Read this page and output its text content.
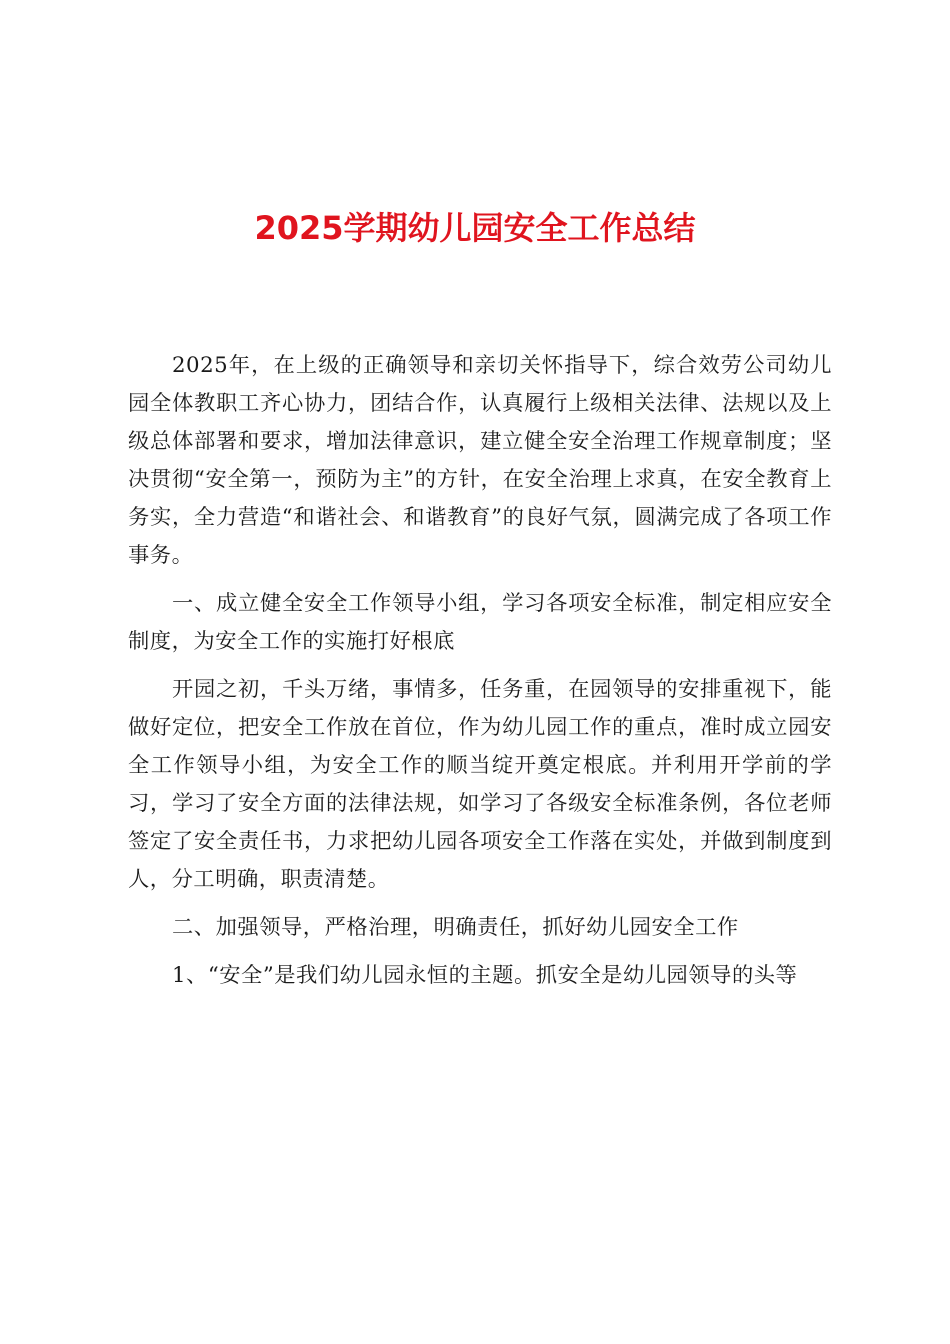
2025学期幼儿园安全工作总结

2025年，在上级的正确领导和亲切关怀指导下，综合效劳公司幼儿园全体教职工齐心协力，团结合作，认真履行上级相关法律、法规以及上级总体部署和要求，增加法律意识，建立健全安全治理工作规章制度；坚决贯彻“安全第一，预防为主”的方针，在安全治理上求真，在安全教育上务实，全力营造“和谐社会、和谐教育”的良好气氛，圆满完成了各项工作事务。

一、成立健全安全工作领导小组，学习各项安全标准，制定相应安全制度，为安全工作的实施打好根底

开园之初，千头万绪，事情多，任务重，在园领导的安排重视下，能做好定位，把安全工作放在首位，作为幼儿园工作的重点，准时成立园安全工作领导小组，为安全工作的顺当绽开奠定根底。并利用开学前的学习，学习了安全方面的法律法规，如学习了各级安全标准条例，各位老师签定了安全责任书，力求把幼儿园各项安全工作落在实处，并做到制度到人，分工明确，职责清楚。

二、加强领导，严格治理，明确责任，抓好幼儿园安全工作

1、“安全”是我们幼儿园永恒的主题。抓安全是幼儿园领导的头等
